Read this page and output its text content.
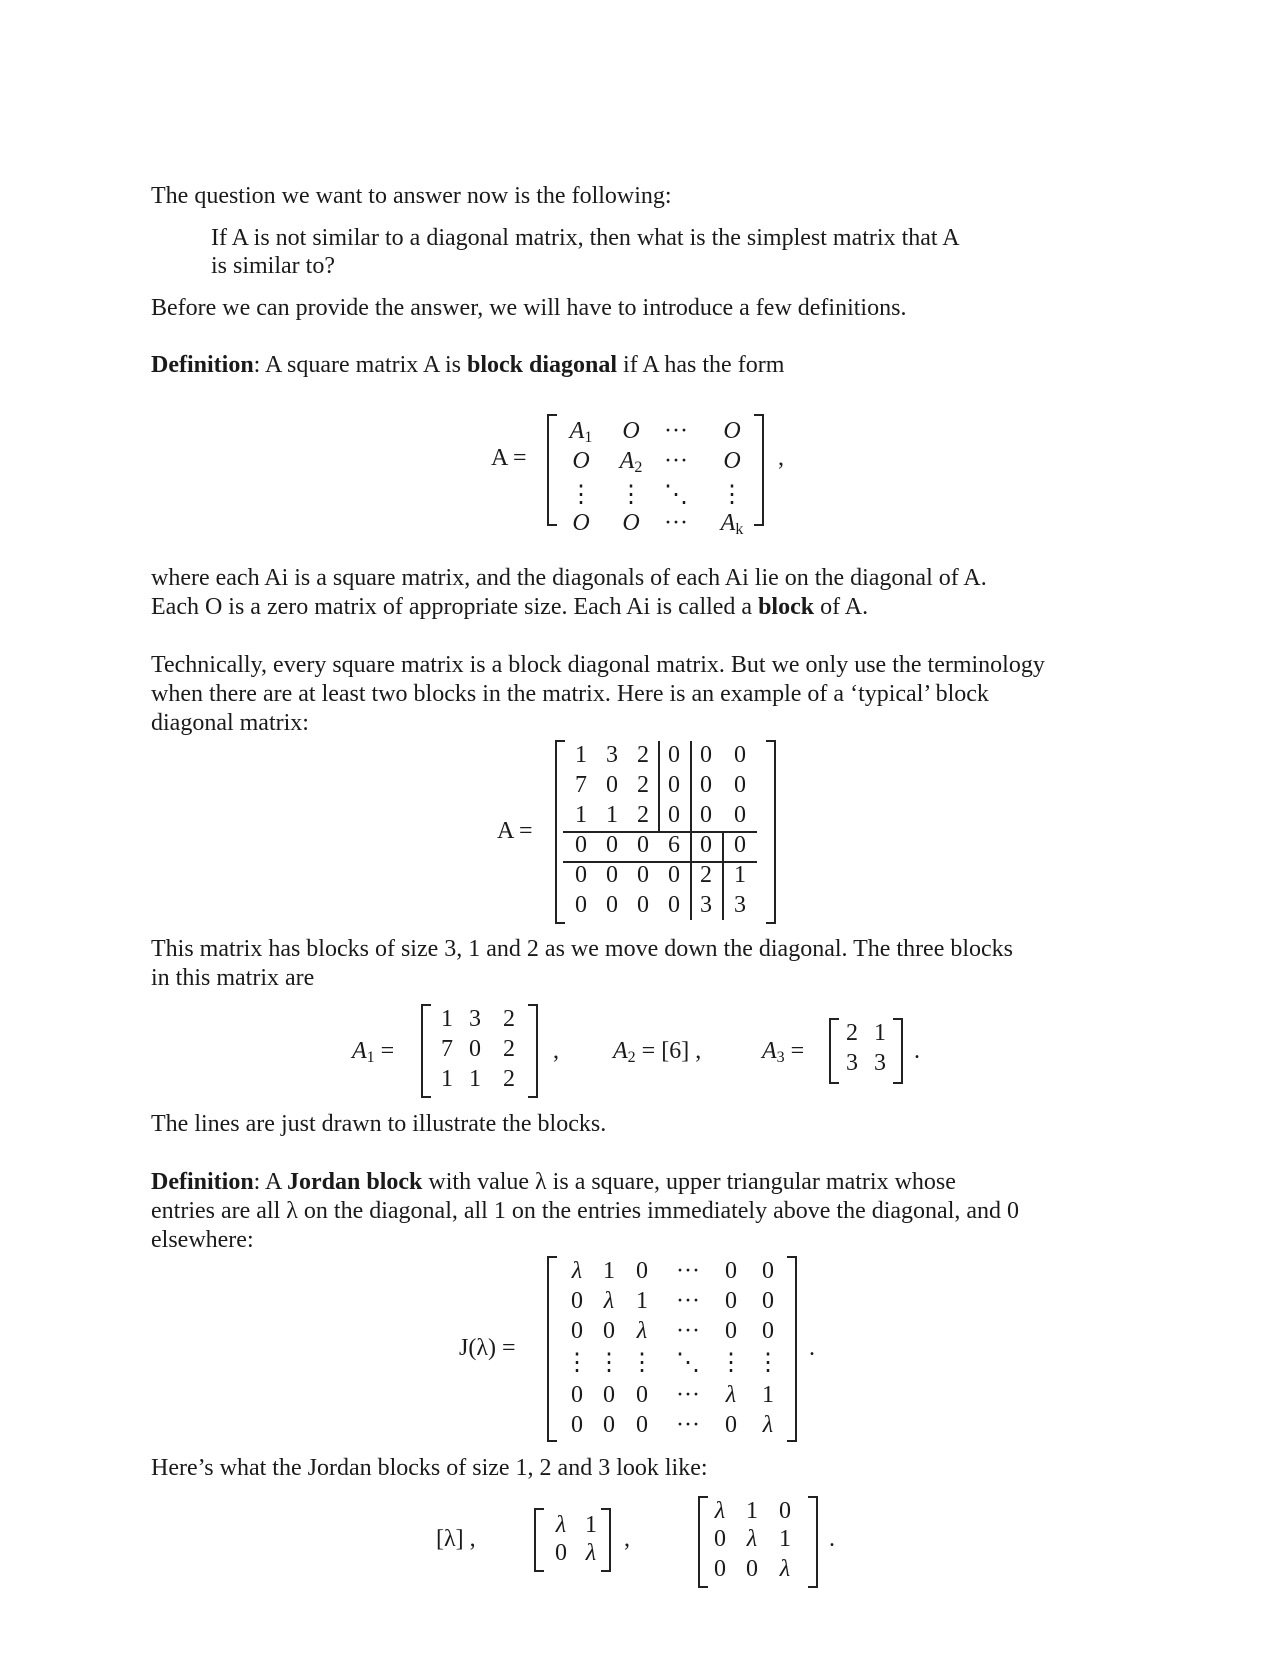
The question we want to answer now is the following:
If A is not similar to a diagonal matrix, then what is the simplest matrix that A
is similar to?
Before we can provide the answer, we will have to introduce a few definitions.
Definition: A square matrix A is block diagonal if A has the form
A =
$A_1$	O	···	O
O	$A_2$ ···	O
⋮	⋮ ⋱	⋮
O	O	···	$A_k$
,
where each Ai is a square matrix, and the diagonals of each Ai lie on the diagonal of A.
Each O is a zero matrix of appropriate size. Each Ai is called a block of A.
Technically, every square matrix is a block diagonal matrix. But we only use the terminology
when there are at least two blocks in the matrix. Here is an example of a ‘typical’ block
diagonal matrix:
A =
1 3 2 0 0 0
7 0 2 0 0 0
1 1 2 0 0 0
0 0 0 6 0 0
0 0 0 0 2 1
0 0 0 0 3 3
This matrix has blocks of size 3, 1 and 2 as we move down the diagonal. The three blocks
in this matrix are
$A_1$ =
1 3 2
7 0 2
1 1 2
, $A_2 = [6]$ ,	$A_3$ =
2 1
3 3	.
The lines are just drawn to illustrate the blocks.
Definition: A Jordan block with value λ is a square, upper triangular matrix whose
entries are all λ on the diagonal, all 1 on the entries immediately above the diagonal, and 0
elsewhere:
J(λ) =
λ 1 0	···	0	0
0 λ 1	···	0	0
0 0 λ	···	0	0
⋮ ⋮ ⋮ ⋱ ⋮ ⋮
0 0 0	···	λ	1
0 0 0	···	0	λ
.
Here’s what the Jordan blocks of size 1, 2 and 3 look like:
[λ] ,
λ 1
0 λ
,
λ 1 0
0 λ 1
0 0 λ
.
